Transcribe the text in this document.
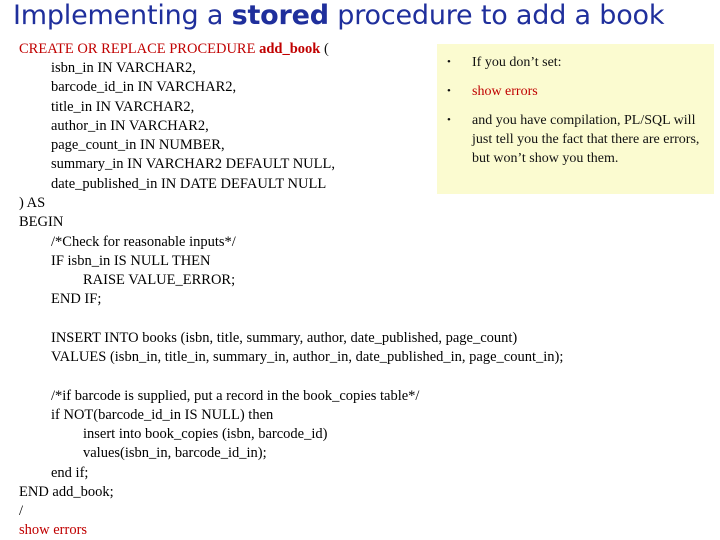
Implementing a stored procedure to add a book
CREATE OR REPLACE PROCEDURE add_book (
isbn_in IN VARCHAR2,
barcode_id_in IN VARCHAR2,
title_in IN VARCHAR2,
author_in IN VARCHAR2,
page_count_in IN NUMBER,
summary_in IN VARCHAR2 DEFAULT NULL,
date_published_in IN DATE DEFAULT NULL
) AS
BEGIN
/*Check for reasonable inputs*/
IF isbn_in IS NULL THEN
RAISE VALUE_ERROR;
END IF;
INSERT INTO books (isbn, title, summary, author, date_published, page_count)
VALUES (isbn_in, title_in, summary_in, author_in, date_published_in, page_count_in);
/*if barcode is supplied, put a record in the book_copies table*/
if NOT(barcode_id_in IS NULL) then
insert into book_copies (isbn, barcode_id)
values(isbn_in, barcode_id_in);
end if;
END add_book;
/
show errors
• If you don’t set:
• show errors
• and you have compilation, PL/SQL will just tell you the fact that there are errors, but won’t show you them.
